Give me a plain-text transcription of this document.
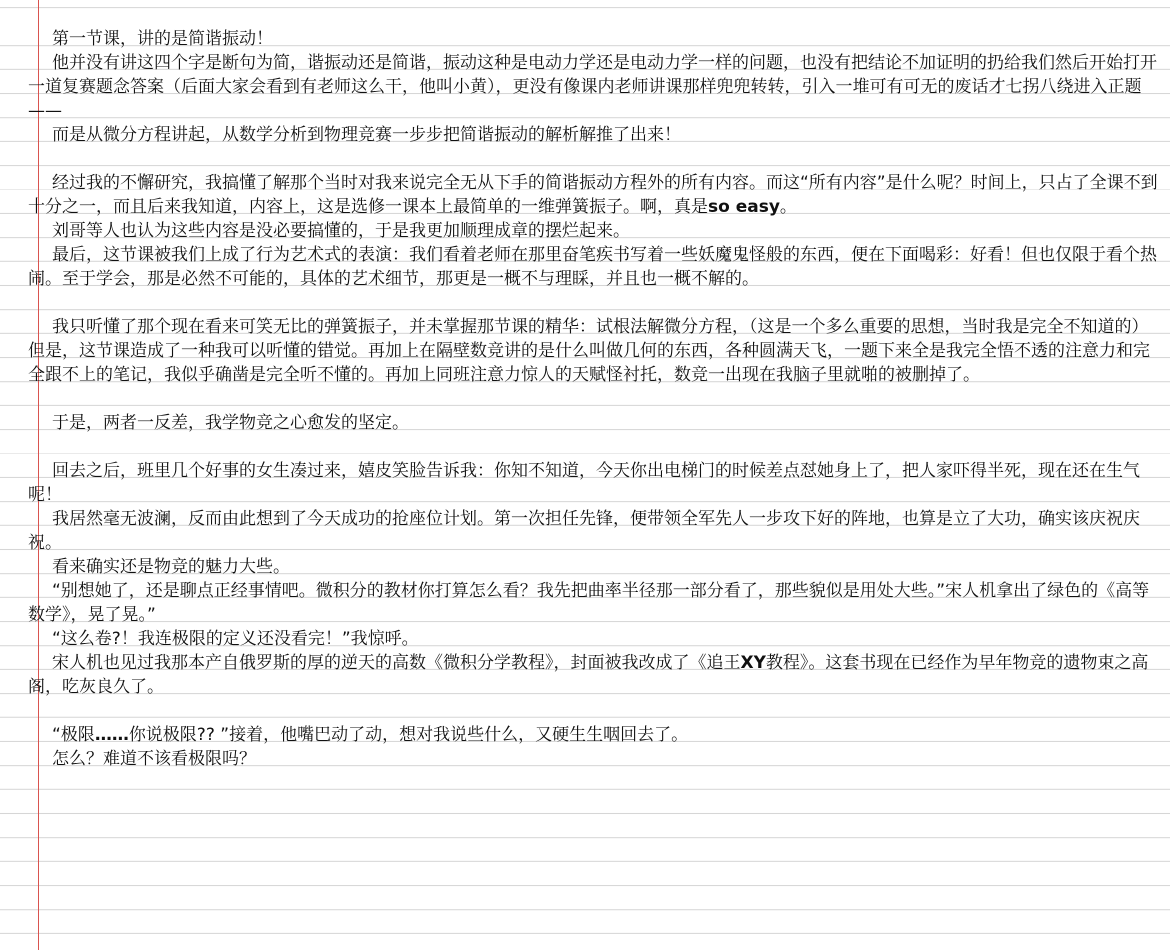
第一节课，讲的是简谐振动！

他并没有讲这四个字是断句为简，谐振动还是简谐，振动这种是电动力学还是电动力学一样的问题，也没有把结论不加证明的扔给我们然后开始打开一道复赛题念答案（后面大家会看到有老师这么干，他叫小黄），更没有像课内老师讲课那样兜兜转转，引入一堆可有可无的废话才七拐八绕进入正题——

而是从微分方程讲起，从数学分析到物理竞赛一步步把简谐振动的解析解推了出来！

经过我的不懈研究，我搞懂了解那个当时对我来说完全无从下手的简谐振动方程外的所有内容。而这“所有内容”是什么呢？时间上，只占了全课不到十分之一，而且后来我知道，内容上，这是选修一课本上最简单的一维弹簧振子。啊，真是so easy。

刘哥等人也认为这些内容是没必要搞懂的，于是我更加顺理成章的摆烂起来。

最后，这节课被我们上成了行为艺术式的表演：我们看着老师在那里奋笔疾书写着一些妖魔鬼怪般的东西，便在下面喝彩：好看！但也仅限于看个热闹。至于学会，那是必然不可能的，具体的艺术细节，那更是一概不与理睬，并且也一概不解的。

我只听懂了那个现在看来可笑无比的弹簧振子，并未掌握那节课的精华：试根法解微分方程，（这是一个多么重要的思想，当时我是完全不知道的）但是，这节课造成了一种我可以听懂的错觉。再加上在隔壁数竞讲的是什么叫做几何的东西，各种圆满天飞，一题下来全是我完全悟不透的注意力和完全跟不上的笔记，我似乎确凿是完全听不懂的。再加上同班注意力惊人的天赋怪衬托，数竞一出现在我脑子里就啪的被删掉了。

于是，两者一反差，我学物竞之心愈发的坚定。

回去之后，班里几个好事的女生凑过来，嬉皮笑脸告诉我：你知不知道，今天你出电梯门的时候差点怼她身上了，把人家吓得半死，现在还在生气呢！

我居然毫无波澜，反而由此想到了今天成功的抢座位计划。第一次担任先锋，便带领全军先人一步攻下好的阵地，也算是立了大功，确实该庆祝庆祝。

看来确实还是物竞的魅力大些。

“别想她了，还是聊点正经事情吧。微积分的教材你打算怎么看？我先把曲率半径那一部分看了，那些貌似是用处大些。”宋人机拿出了绿色的《高等数学》，晃了晃。”

“这么卷?！我连极限的定义还没看完！”我惊呼。

宋人机也见过我那本产自俄罗斯的厚的逆天的高数《微积分学教程》，封面被我改成了《追王XY教程》。这套书现在已经作为早年物竞的遗物束之高阁，吃灰良久了。

“极限……你说极限?? ”接着，他嘴巴动了动，想对我说些什么，又硬生生咽回去了。

怎么？难道不该看极限吗？
